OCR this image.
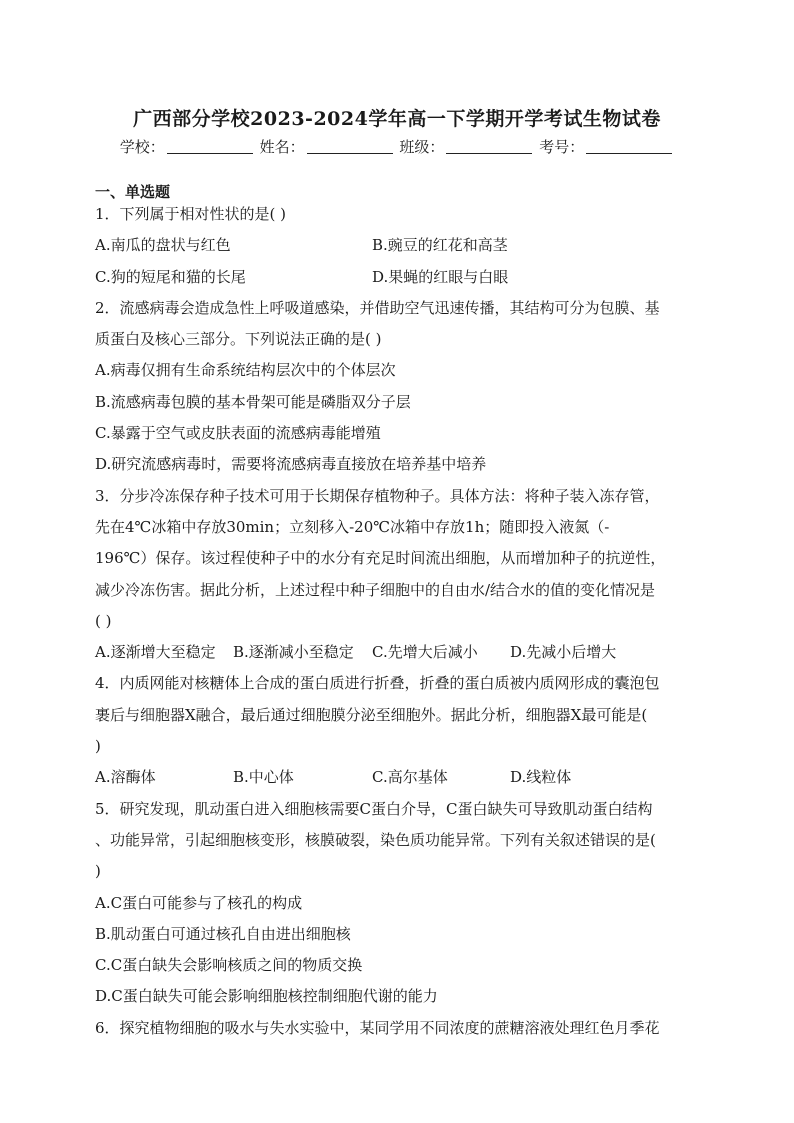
广西部分学校2023-2024学年高一下学期开学考试生物试卷
学校：	姓名：	班级：	考号：
一、单选题
1．下列属于相对性状的是( )
A.南瓜的盘状与红色	B.豌豆的红花和高茎
C.狗的短尾和猫的长尾	D.果蝇的红眼与白眼
2．流感病毒会造成急性上呼吸道感染，并借助空气迅速传播，其结构可分为包膜、基
质蛋白及核心三部分。下列说法正确的是( )
A.病毒仅拥有生命系统结构层次中的个体层次
B.流感病毒包膜的基本骨架可能是磷脂双分子层
C.暴露于空气或皮肤表面的流感病毒能增殖
D.研究流感病毒时，需要将流感病毒直接放在培养基中培养
3．分步冷冻保存种子技术可用于长期保存植物种子。具体方法：将种子装入冻存管，
先在4℃冰箱中存放30min；立刻移入-20℃冰箱中存放1h；随即投入液氮（-
196℃）保存。该过程使种子中的水分有充足时间流出细胞，从而增加种子的抗逆性，
减少冷冻伤害。据此分析，上述过程中种子细胞中的自由水/结合水的值的变化情况是
( )
A.逐渐增大至稳定 B.逐渐减小至稳定 C.先增大后减小 D.先减小后增大
4．内质网能对核糖体上合成的蛋白质进行折叠，折叠的蛋白质被内质网形成的囊泡包
裹后与细胞器X融合，最后通过细胞膜分泌至细胞外。据此分析，细胞器X最可能是(
)
A.溶酶体	B.中心体	C.高尔基体	D.线粒体
5．研究发现，肌动蛋白进入细胞核需要C蛋白介导，C蛋白缺失可导致肌动蛋白结构
、功能异常，引起细胞核变形，核膜破裂，染色质功能异常。下列有关叙述错误的是(
)
A.C蛋白可能参与了核孔的构成
B.肌动蛋白可通过核孔自由进出细胞核
C.C蛋白缺失会影响核质之间的物质交换
D.C蛋白缺失可能会影响细胞核控制细胞代谢的能力
6．探究植物细胞的吸水与失水实验中，某同学用不同浓度的蔗糖溶液处理红色月季花
